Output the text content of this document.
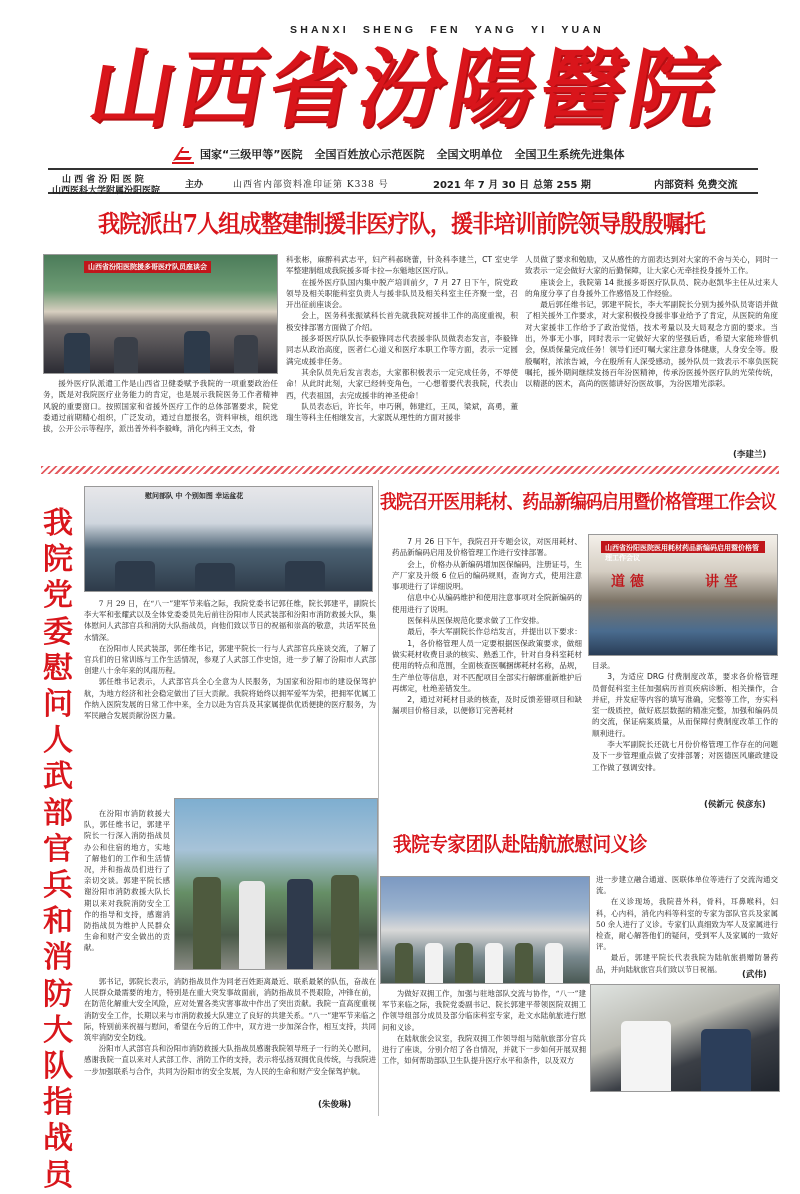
SHANXI SHENG FEN YANG YI YUAN
山西省汾陽醫院
国家“三级甲等”医院 全国百姓放心示范医院 全国文明单位 全国卫生系统先进集体
山 西 省 汾 阳 医 院
山西医科大学附属汾阳医院
主办	山西省内部资料准印证第 K338 号	2021 年 7 月 30 日 总第 255 期	内部资料 免费交流
我院派出7人组成整建制援非医疗队，援非培训前院领导殷殷嘱托
山西省汾阳医院援多哥医疗队员座谈会

援外医疗队派遣工作是山西省卫健委赋予我院的一项重要政治任务，既是对我院医疗业务能力的肯定，也是展示我院医务工作者精神风貌的重要窗口。按照国家和省援外医疗工作的总体部署要求，院党委通过前期精心组织，广泛发动，通过自愿报名，资料审核，组织选拔，公开公示等程序，派出普外科李毅峰，消化内科王文杰，骨

科张彬，麻醉科武志平，妇产科郝晓蕾，针灸科李建兰，CT 室史学军整建制组成我院援多哥卡拉—东魁地区医疗队。

在援外医疗队国内集中脱产培训前夕，7 月 27 日下午，院党政领导及相关职能科室负责人与援非队员及相关科室主任齐聚一堂，召开出征前座谈会。

会上，医务科张振斌科长首先就我院对援非工作的高度重视，积极安排部署方面做了介绍。

援多哥医疗队队长李毅锋同志代表援非队员做表态发言，李毅锋同志从政治高度，医者仁心道义和医疗本职工作等方面，表示一定圆满完成援非任务。

其余队员先后发言表态，大家都积极表示一定完成任务，不辱使命！从此时此刻，大家已经转变角色，一心想着要代表我院，代表山西，代表祖国，去完成援非的神圣使命！

队员表态后，许长年，申巧俐，韩建红，王凤，梁斌，高勇，董瑞生等科主任相继发言，大家既从理性的方面对援非

人员做了要求和勉励，又从感性的方面表达到对大家的不舍与关心，同时一致表示一定会做好大家的后勤保障，让大家心无牵挂投身援外工作。

座谈会上，我院第 14 批援多哥医疗队队员、院办赵凯华主任从过来人的角度分享了自身援外工作感悟及工作经验。

最后郭任维书记，郭建平院长，李大军副院长分别为援外队员寄语并做了相关援外工作要求，对大家积极投身援非事业给予了肯定，从医院的角度对大家援非工作给予了政治觉悟，技术考量以及大局观念方面的要求。当出，外事无小事，同时表示一定做好大家的坚强后盾，希望大家能珍惜机会，保质保量完成任务！领导们还叮嘱大家注意身体健康，人身安全等。殷殷嘱咐，浓浓告诫，今在殷所有人深受感动，援外队员一致表示不辜负医院嘱托，援外期间继续发扬百年汾医精神，传承汾医援外医疗队的光荣传统，以精湛的医术，高尚的医德讲好汾医故事，为汾医增光添彩。

(李建兰)
我院党委慰问人武部官兵和消防大队指战员
慰问部队 中 个别如图 幸运盆花

7 月 29 日，在“八一”建军节来临之际，我院党委书记郭任维，院长郭建平，副院长李大军和张耀武以及全体党委委员先后前往汾阳市人民武装部和汾阳市消防救援大队，集体慰问人武部官兵和消防大队指战员，向他们致以节日的祝福和崇高的敬意，共话军民鱼水情深。

在汾阳市人民武装部，郭任维书记，郭建平院长一行与人武部官兵座谈交流，了解了官兵们的日常训练与工作生活情况，参观了人武部工作史馆，进一步了解了汾阳市人武部创建八十余年来的风雨历程。

郭任维书记表示，人武部官兵全心全意为人民服务，为国家和汾阳市的建设保驾护航，为地方经济和社会稳定做出了巨大贡献。我院将始终以拥军爱军为荣，把拥军优属工作纳入医院发展的日常工作中来，全力以赴为官兵及其家属提供优质便捷的医疗服务，为军民融合发展贡献汾医力量。

在汾阳市消防救援大队，郭任维书记，郭建平院长一行深入消防指战员办公和住宿的地方，实地了解他们的工作和生活情况，并和指战员们进行了亲切交谈。郭建平院长感谢汾阳市消防救援大队长期以来对我院消防安全工作的指导和支持，感谢消防指战员为维护人民群众生命和财产安全做出的贡献。

郭书记，郭院长表示，消防指战员作为同老百姓距离最近、联系最紧的队伍，奋战在人民群众最需要的地方，特别是在重大突发事故面前，消防指战员不畏艰险，冲锋在前，在防范化解重大安全风险，应对处置各类灾害事故中作出了突出贡献。我院一直高度重视消防安全工作，长期以来与市消防救援大队建立了良好的共建关系。“八一”建军节来临之际，特别前来祝福与慰问，希望在今后的工作中，双方进一步加深合作，相互支持，共同筑牢消防安全防线。

汾阳市人武部官兵和汾阳市消防救援大队指战员感谢我院领导班子一行的关心慰问，感谢我院一直以来对人武部工作、消防工作的支持，表示将弘扬双拥优良传统，与我院进一步加强联系与合作，共同为汾阳市的安全发展，为人民的生命和财产安全保驾护航。

(朱俊琳)
我院召开医用耗材、药品新编码启用暨价格管理工作会议

7 月 26 日下午，我院召开专题会议，对医用耗材、药品新编码启用及价格管理工作进行安排部署。

会上，价格办从新编码增加医保编码，注册证号，生产厂家及升级 6 位后的编码规则，查询方式，使用注意事项进行了详细说明。

信息中心从编码维护和使用注意事项对全院新编码的使用进行了说明。

医保科从医保规范化要求做了工作安排。

最后，李大军副院长作总结发言，并提出以下要求：

1，各价格管理人员一定要根据医保政策要求，做细做实耗材收费目录的核实、熟悉工作，针对自身科室耗材使用的特点和范围，全面核查医嘱捆绑耗材名称，品规，生产单位等信息，对不匹配项目全部实行解绑重新维护后再绑定，杜绝差错发生。

2，通过对耗材目录的核查，及时反馈差错项目和缺漏项目价格目录，以便修订完善耗材

山西省汾阳医院医用耗材药品新编码启用暨价格管理工作会议
道 德	讲 堂

目录。

3，为适应 DRG 付费制度改革，要求各价格管理员督促科室主任加强病历首页疾病诊断、相关操作，合并症，并发症等内容的填写准确，完整等工作，夯实科室一级质控，做好底层数据的精准完整，加强和编码员的交流，保证病案质量，从而保障付费制度改革工作的顺利进行。

李大军副院长还就七月份价格管理工作存在的问题及下一步管理重点做了安排部署；对医德医风廉政建设工作做了强调安排。

(侯新元 侯彦东)
我院专家团队赴陆航旅慰问义诊

进一步建立融合通道、医联体单位等进行了交流沟通交流。

在义诊现场，我院普外科，骨科，耳鼻喉科，妇科，心内科，消化内科等科室的专家为部队官兵及家属 50 余人进行了义诊。专家们认真细致为军人及家属进行检查，耐心解答他们的疑问，受到军人及家属的一致好评。

最后，郭建平院长代表我院为陆航旅捐赠防暑药品，并向陆航旅官兵们致以节日祝福。

(武伟)

为做好双拥工作，加强与驻地部队交流与协作，“八一”建军节来临之际，我院党委副书记、院长郭建平带领医院双拥工作领导组部分成员及部分临床科室专家，赴文水陆航旅进行慰问和义诊。

在陆航旅会议室，我院双拥工作领导组与陆航旅部分官兵进行了座谈，分别介绍了各自情况，并就下一步如何开展双拥工作，如何帮助部队卫生队提升医疗水平和条件，以及双方
